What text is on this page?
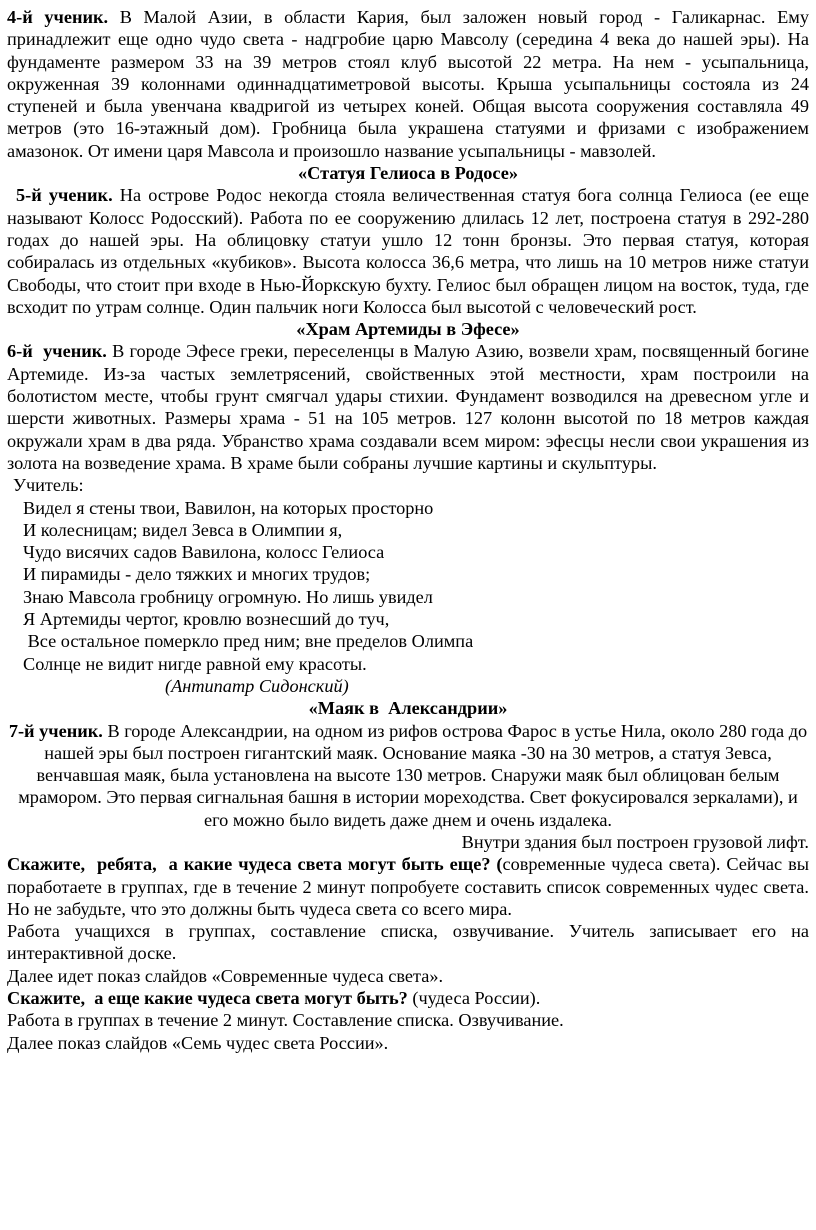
4-й ученик. В Малой Азии, в области Кария, был заложен новый город - Галикарнас. Ему принадлежит еще одно чудо света - надгробие царю Мавсолу (середина 4 века до нашей эры). На фундаменте размером 33 на 39 метров стоял клуб высотой 22 метра. На нем - усыпальница, окруженная 39 колоннами одиннадцатиметровой высоты. Крыша усыпальницы состояла из 24 ступеней и была увенчана квадригой из четырех коней. Общая высота сооружения составляла 49 метров (это 16-этажный дом). Гробница была украшена статуями и фризами с изображением амазонок. От имени царя Мавсола и произошло название усыпальницы - мавзолей.

«Статуя Гелиоса в Родосе»

5-й ученик. На острове Родос некогда стояла величественная статуя бога солнца Гелиоса (ее еще называют Колосс Родосский). Работа по ее сооружению длилась 12 лет, построена статуя в 292-280 годах до нашей эры. На облицовку статуи ушло 12 тонн бронзы. Это первая статуя, которая собиралась из отдельных «кубиков». Высота колосса 36,6 метра, что лишь на 10 метров ниже статуи Свободы, что стоит при входе в Нью-Йоркскую бухту. Гелиос был обращен лицом на восток, туда, где всходит по утрам солнце. Один пальчик ноги Колосса был высотой с человеческий рост.

«Храм Артемиды в Эфесе»

6-й  ученик. В городе Эфесе греки, переселенцы в Малую Азию, возвели храм, посвященный богине Артемиде. Из-за частых землетрясений, свойственных этой местности, храм построили на болотистом месте, чтобы грунт смягчал удары стихии. Фундамент возводился на древесном угле и шерсти животных. Размеры храма - 51 на 105 метров. 127 колонн высотой по 18 метров каждая окружали храм в два ряда. Убранство храма создавали всем миром: эфесцы несли свои украшения из золота на возведение храма. В храме были собраны лучшие картины и скульптуры.

Учитель:

Видел я стены твои, Вавилон, на которых просторно
И колесницам; видел Зевса в Олимпии я,
Чудо висячих садов Вавилона, колосс Гелиоса
И пирамиды - дело тяжких и многих трудов;
Знаю Мавсола гробницу огромную. Но лишь увидел
Я Артемиды чертог, кровлю вознесший до туч,
Все остальное померкло пред ним; вне пределов Олимпа
Солнце не видит нигде равной ему красоты.

(Антипатр Сидонский)

«Маяк в  Александрии»

7-й ученик. В городе Александрии, на одном из рифов острова Фарос в устье Нила, около 280 года до нашей эры был построен гигантский маяк. Основание маяка -30 на 30 метров, а статуя Зевса, венчавшая маяк, была установлена на высоте 130 метров. Снаружи маяк был облицован белым мрамором. Это первая сигнальная башня в истории мореходства. Свет фокусировался зеркалами), и его можно было видеть даже днем и очень издалека.

Внутри здания был построен грузовой лифт.

Скажите,  ребята,  а какие чудеса света могут быть еще? (современные чудеса света). Сейчас вы поработаете в группах, где в течение 2 минут попробуете составить список современных чудес света. Но не забудьте, что это должны быть чудеса света со всего мира.

Работа учащихся в группах, составление списка, озвучивание. Учитель записывает его на интерактивной доске.

Далее идет показ слайдов «Современные чудеса света».

Скажите,  а еще какие чудеса света могут быть? (чудеса России).

Работа в группах в течение 2 минут. Составление списка. Озвучивание.

Далее показ слайдов «Семь чудес света России».
